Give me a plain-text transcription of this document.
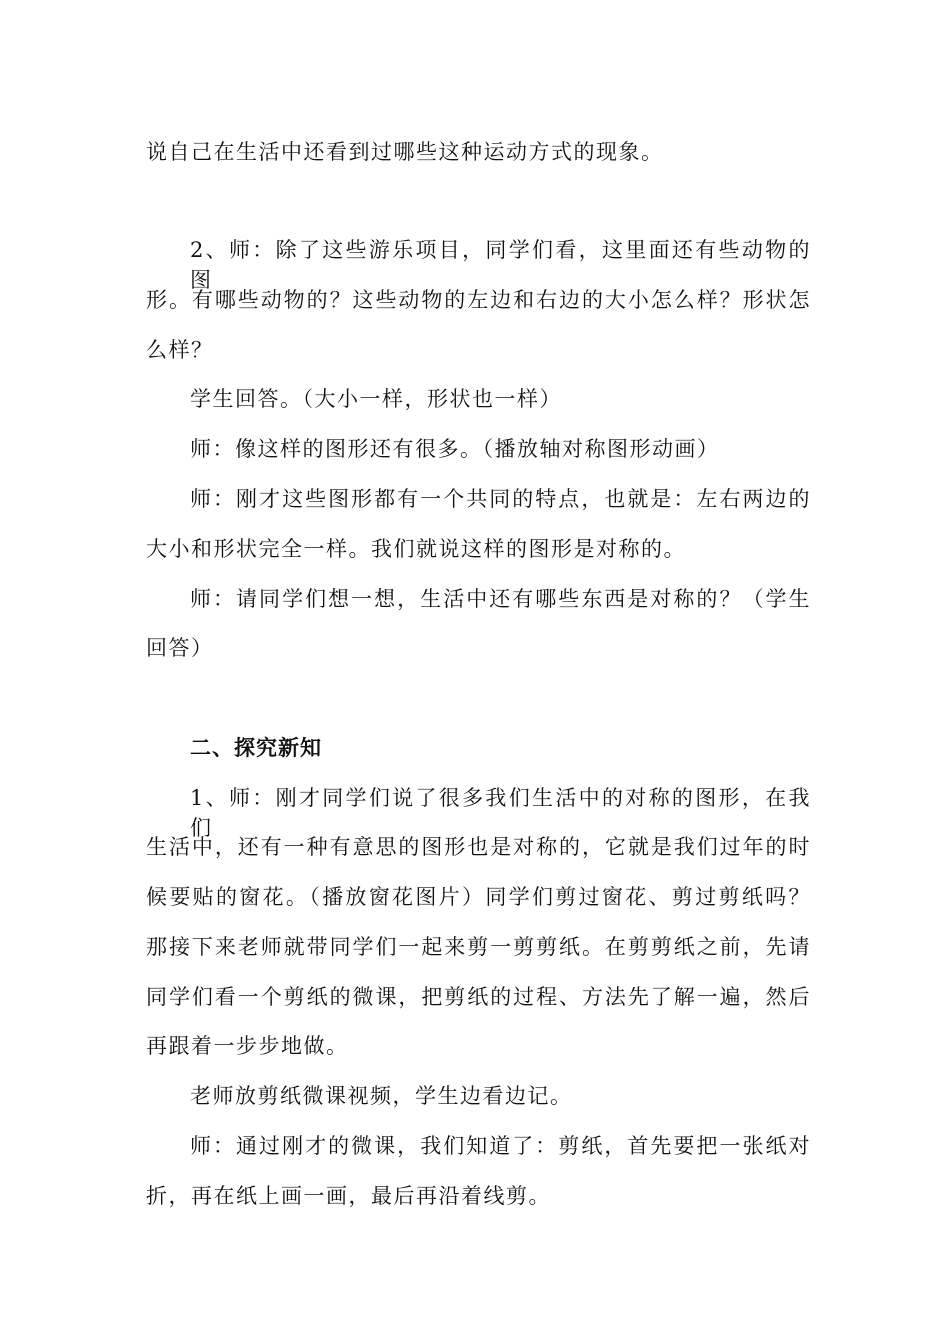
说自己在生活中还看到过哪些这种运动方式的现象。
2、师：除了这些游乐项目，同学们看，这里面还有些动物的图
形。有哪些动物的？这些动物的左边和右边的大小怎么样？形状怎
么样？
学生回答。（大小一样，形状也一样）
师：像这样的图形还有很多。（播放轴对称图形动画）
师：刚才这些图形都有一个共同的特点，也就是：左右两边的
大小和形状完全一样。我们就说这样的图形是对称的。
师：请同学们想一想，生活中还有哪些东西是对称的？（学生
回答）
二、探究新知
1、师：刚才同学们说了很多我们生活中的对称的图形，在我们
生活中，还有一种有意思的图形也是对称的，它就是我们过年的时
候要贴的窗花。（播放窗花图片）同学们剪过窗花、剪过剪纸吗？
那接下来老师就带同学们一起来剪一剪剪纸。在剪剪纸之前，先请
同学们看一个剪纸的微课，把剪纸的过程、方法先了解一遍，然后
再跟着一步步地做。
老师放剪纸微课视频，学生边看边记。
师：通过刚才的微课，我们知道了：剪纸，首先要把一张纸对
折，再在纸上画一画，最后再沿着线剪。
